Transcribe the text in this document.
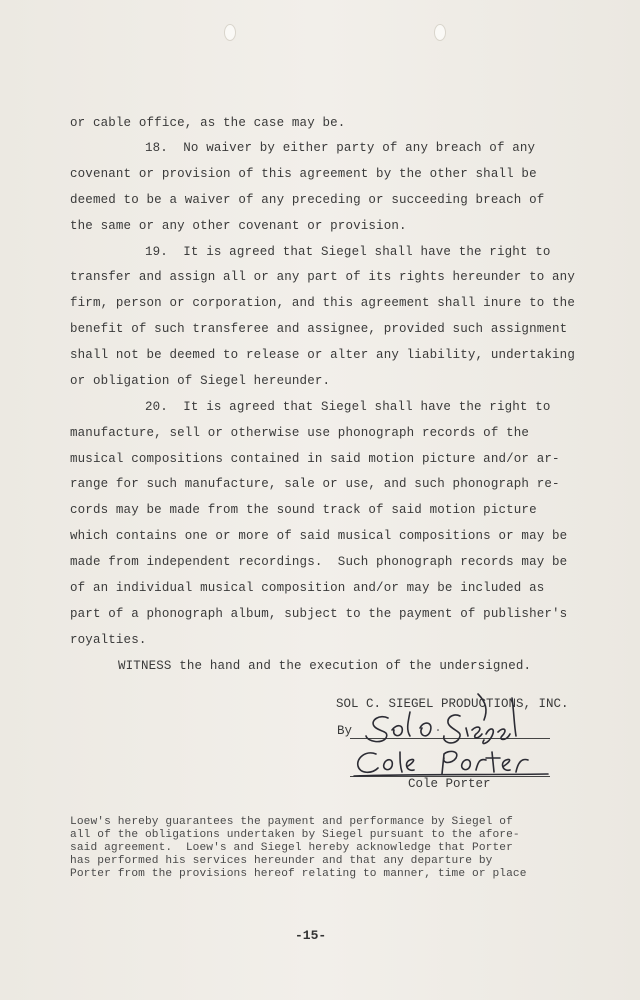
or cable office, as the case may be.
18.  No waiver by either party of any breach of any
covenant or provision of this agreement by the other shall be
deemed to be a waiver of any preceding or succeeding breach of
the same or any other covenant or provision.
19.  It is agreed that Siegel shall have the right to
transfer and assign all or any part of its rights hereunder to any
firm, person or corporation, and this agreement shall inure to the
benefit of such transferee and assignee, provided such assignment
shall not be deemed to release or alter any liability, undertaking
or obligation of Siegel hereunder.
20.  It is agreed that Siegel shall have the right to
manufacture, sell or otherwise use phonograph records of the
musical compositions contained in said motion picture and/or ar-
range for such manufacture, sale or use, and such phonograph re-
cords may be made from the sound track of said motion picture
which contains one or more of said musical compositions or may be
made from independent recordings.  Such phonograph records may be
of an individual musical composition and/or may be included as
part of a phonograph album, subject to the payment of publisher's
royalties.
WITNESS the hand and the execution of the undersigned.
SOL C. SIEGEL PRODUCTIONS, INC.
By
Cole Porter
Loew's hereby guarantees the payment and performance by Siegel of
all of the obligations undertaken by Siegel pursuant to the afore-
said agreement.  Loew's and Siegel hereby acknowledge that Porter
has performed his services hereunder and that any departure by
Porter from the provisions hereof relating to manner, time or place
-15-
